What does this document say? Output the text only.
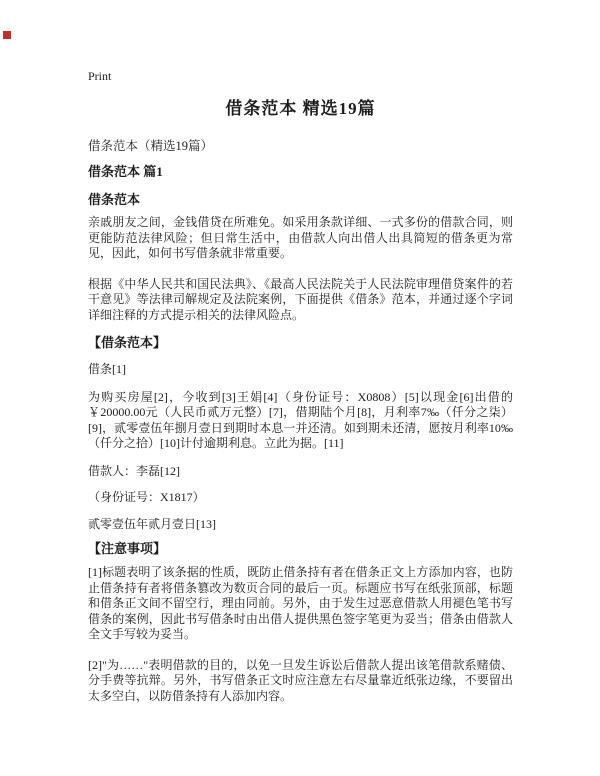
Print
借条范本 精选19篇
借条范本（精选19篇）
借条范本 篇1
借条范本

亲戚朋友之间，金钱借贷在所难免。如采用条款详细、一式多份的借款合同，则更能防范法律风险；但日常生活中，由借款人向出借人出具简短的借条更为常见，因此，如何书写借条就非常重要。

根据《中华人民共和国民法典》、《最高人民法院关于人民法院审理借贷案件的若干意见》等法律司解规定及法院案例，下面提供《借条》范本，并通过逐个字词详细注释的方式提示相关的法律风险点。

【借条范本】
借条[1]

为购买房屋[2]，今收到[3]王娟[4]（身份证号：X0808）[5]以现金[6]出借的￥20000.00元（人民币贰万元整）[7]，借期陆个月[8]，月利率7‰（仟分之柒）[9]，贰零壹伍年捌月壹日到期时本息一并还清。如到期未还清，愿按月利率10‰（仟分之拾）[10]计付逾期利息。立此为据。[11]

借款人：李磊[12]
（身份证号：X1817）
贰零壹伍年贰月壹日[13]
【注意事项】

[1]标题表明了该条据的性质，既防止借条持有者在借条正文上方添加内容，也防止借条持有者将借条篡改为数页合同的最后一页。标题应书写在纸张顶部，标题和借条正文间不留空行，理由同前。另外，由于发生过恶意借款人用褪色笔书写借条的案例，因此书写借条时由出借人提供黑色签字笔更为妥当；借条由借款人全文手写较为妥当。

[2]"为……"表明借款的目的，以免一旦发生诉讼后借款人提出该笔借款系赌债、分手费等抗辩。另外，书写借条正文时应注意左右尽量靠近纸张边缘，不要留出太多空白，以防借条持有人添加内容。
